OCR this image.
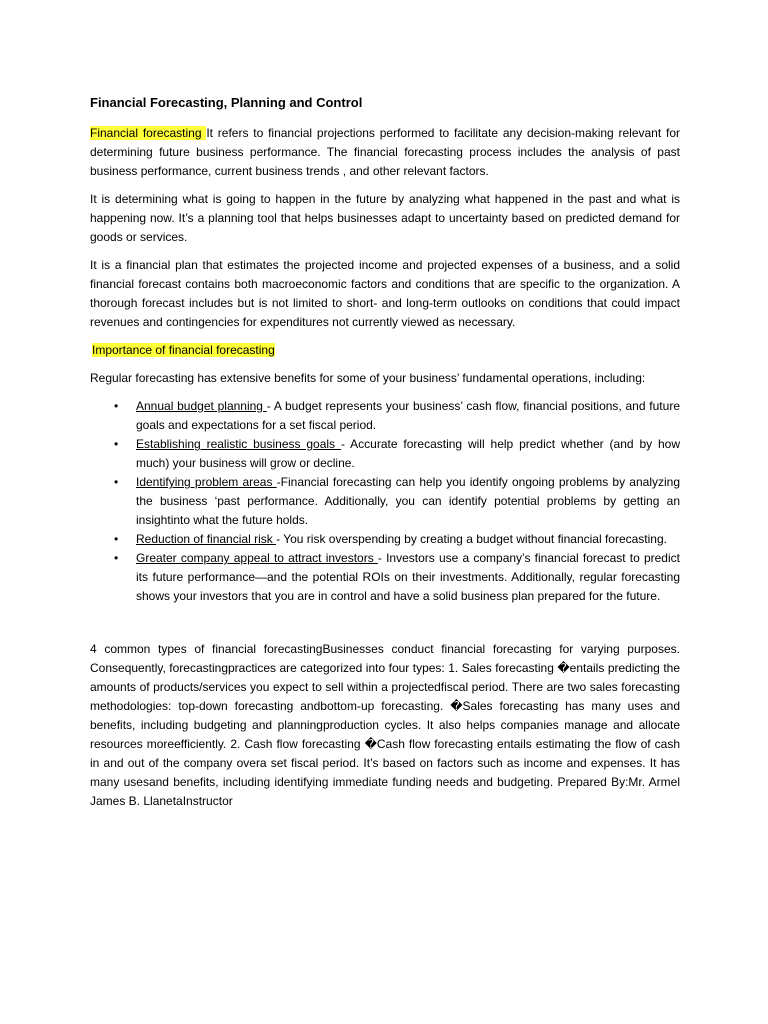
Financial Forecasting, Planning and Control

Financial forecasting It refers to financial projections performed to facilitate any decision-making relevant for determining future business performance. The financial forecasting process includes the analysis of past business performance, current business trends , and other relevant factors.

It is determining what is going to happen in the future by analyzing what happened in the past and what is happening now. It’s a planning tool that helps businesses adapt to uncertainty based on predicted demand for goods or services.

It is a financial plan that estimates the projected income and projected expenses of a business, and a solid financial forecast contains both macroeconomic factors and conditions that are specific to the organization. A thorough forecast includes but is not limited to short- and long-term outlooks on conditions that could impact revenues and contingencies for expenditures not currently viewed as necessary.

Importance of financial forecasting

Regular forecasting has extensive benefits for some of your business’ fundamental operations, including:

• Annual budget planning - A budget represents your business’ cash flow, financial positions, and future goals and expectations for a set fiscal period.
• Establishing realistic business goals - Accurate forecasting will help predict whether (and by how much) your business will grow or decline.
• Identifying problem areas -Financial forecasting can help you identify ongoing problems by analyzing the business ‘past performance. Additionally, you can identify potential problems by getting an insightinto what the future holds.
• Reduction of financial risk - You risk overspending by creating a budget without financial forecasting.
• Greater company appeal to attract investors - Investors use a company’s financial forecast to predict its future performance—and the potential ROIs on their investments. Additionally, regular forecasting shows your investors that you are in control and have a solid business plan prepared for the future.

4 common types of financial forecastingBusinesses conduct financial forecasting for varying purposes. Consequently, forecastingpractices are categorized into four types: 1. Sales forecasting �entails predicting the amounts of products/services you expect to sell within a projectedfiscal period. There are two sales forecasting methodologies: top-down forecasting andbottom-up forecasting. �Sales forecasting has many uses and benefits, including budgeting and planningproduction cycles. It also helps companies manage and allocate resources moreefficiently. 2. Cash flow forecasting �Cash flow forecasting entails estimating the flow of cash in and out of the company overa set fiscal period. It’s based on factors such as income and expenses. It has many usesand benefits, including identifying immediate funding needs and budgeting. Prepared By:Mr. Armel James B. LlanetaInstructor
